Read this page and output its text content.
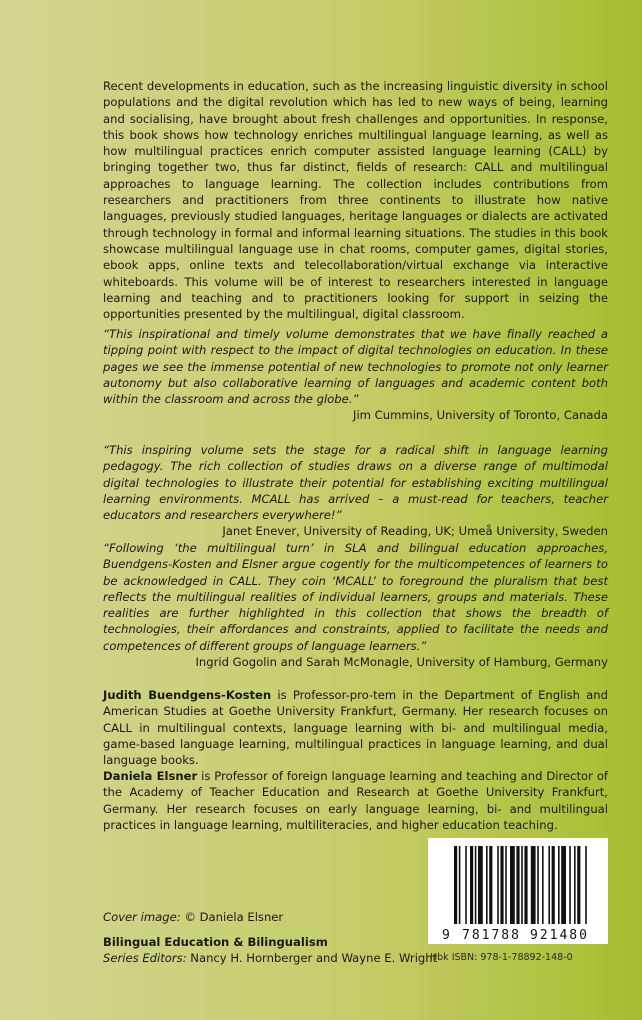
Recent developments in education, such as the increasing linguistic diversity in school populations and the digital revolution which has led to new ways of being, learning and socialising, have brought about fresh challenges and opportunities. In response, this book shows how technology enriches multilingual language learning, as well as how multilingual practices enrich computer assisted language learning (CALL) by bringing together two, thus far distinct, fields of research: CALL and multilingual approaches to language learning. The collection includes contributions from researchers and practitioners from three continents to illustrate how native languages, previously studied languages, heritage languages or dialects are activated through technology in formal and informal learning situations. The studies in this book showcase multilingual language use in chat rooms, computer games, digital stories, ebook apps, online texts and telecollaboration/virtual exchange via interactive whiteboards. This volume will be of interest to researchers interested in language learning and teaching and to practitioners looking for support in seizing the opportunities presented by the multilingual, digital classroom.
“This inspirational and timely volume demonstrates that we have finally reached a tipping point with respect to the impact of digital technologies on education. In these pages we see the immense potential of new technologies to promote not only learner autonomy but also collaborative learning of languages and academic content both within the classroom and across the globe.”
Jim Cummins, University of Toronto, Canada
“This inspiring volume sets the stage for a radical shift in language learning pedagogy. The rich collection of studies draws on a diverse range of multimodal digital technologies to illustrate their potential for establishing exciting multilingual learning environments. MCALL has arrived – a must-read for teachers, teacher educators and researchers everywhere!”
Janet Enever, University of Reading, UK; Umeå University, Sweden
“Following ‘the multilingual turn’ in SLA and bilingual education approaches, Buendgens-Kosten and Elsner argue cogently for the multicompetences of learners to be acknowledged in CALL. They coin ‘MCALL’ to foreground the pluralism that best reflects the multilingual realities of individual learners, groups and materials. These realities are further highlighted in this collection that shows the breadth of technologies, their affordances and constraints, applied to facilitate the needs and competences of different groups of language learners.”
Ingrid Gogolin and Sarah McMonagle, University of Hamburg, Germany
Judith Buendgens-Kosten is Professor-pro-tem in the Department of English and American Studies at Goethe University Frankfurt, Germany. Her research focuses on CALL in multilingual contexts, language learning with bi- and multilingual media, game-based language learning, multilingual practices in language learning, and dual language books.
Daniela Elsner is Professor of foreign language learning and teaching and Director of the Academy of Teacher Education and Research at Goethe University Frankfurt, Germany. Her research focuses on early language learning, bi- and multilingual practices in language learning, multiliteracies, and higher education teaching.
Cover image: © Daniela Elsner
Bilingual Education & Bilingualism
Series Editors: Nancy H. Hornberger and Wayne E. Wright
9 781788 921480
Hbk ISBN: 978-1-78892-148-0
